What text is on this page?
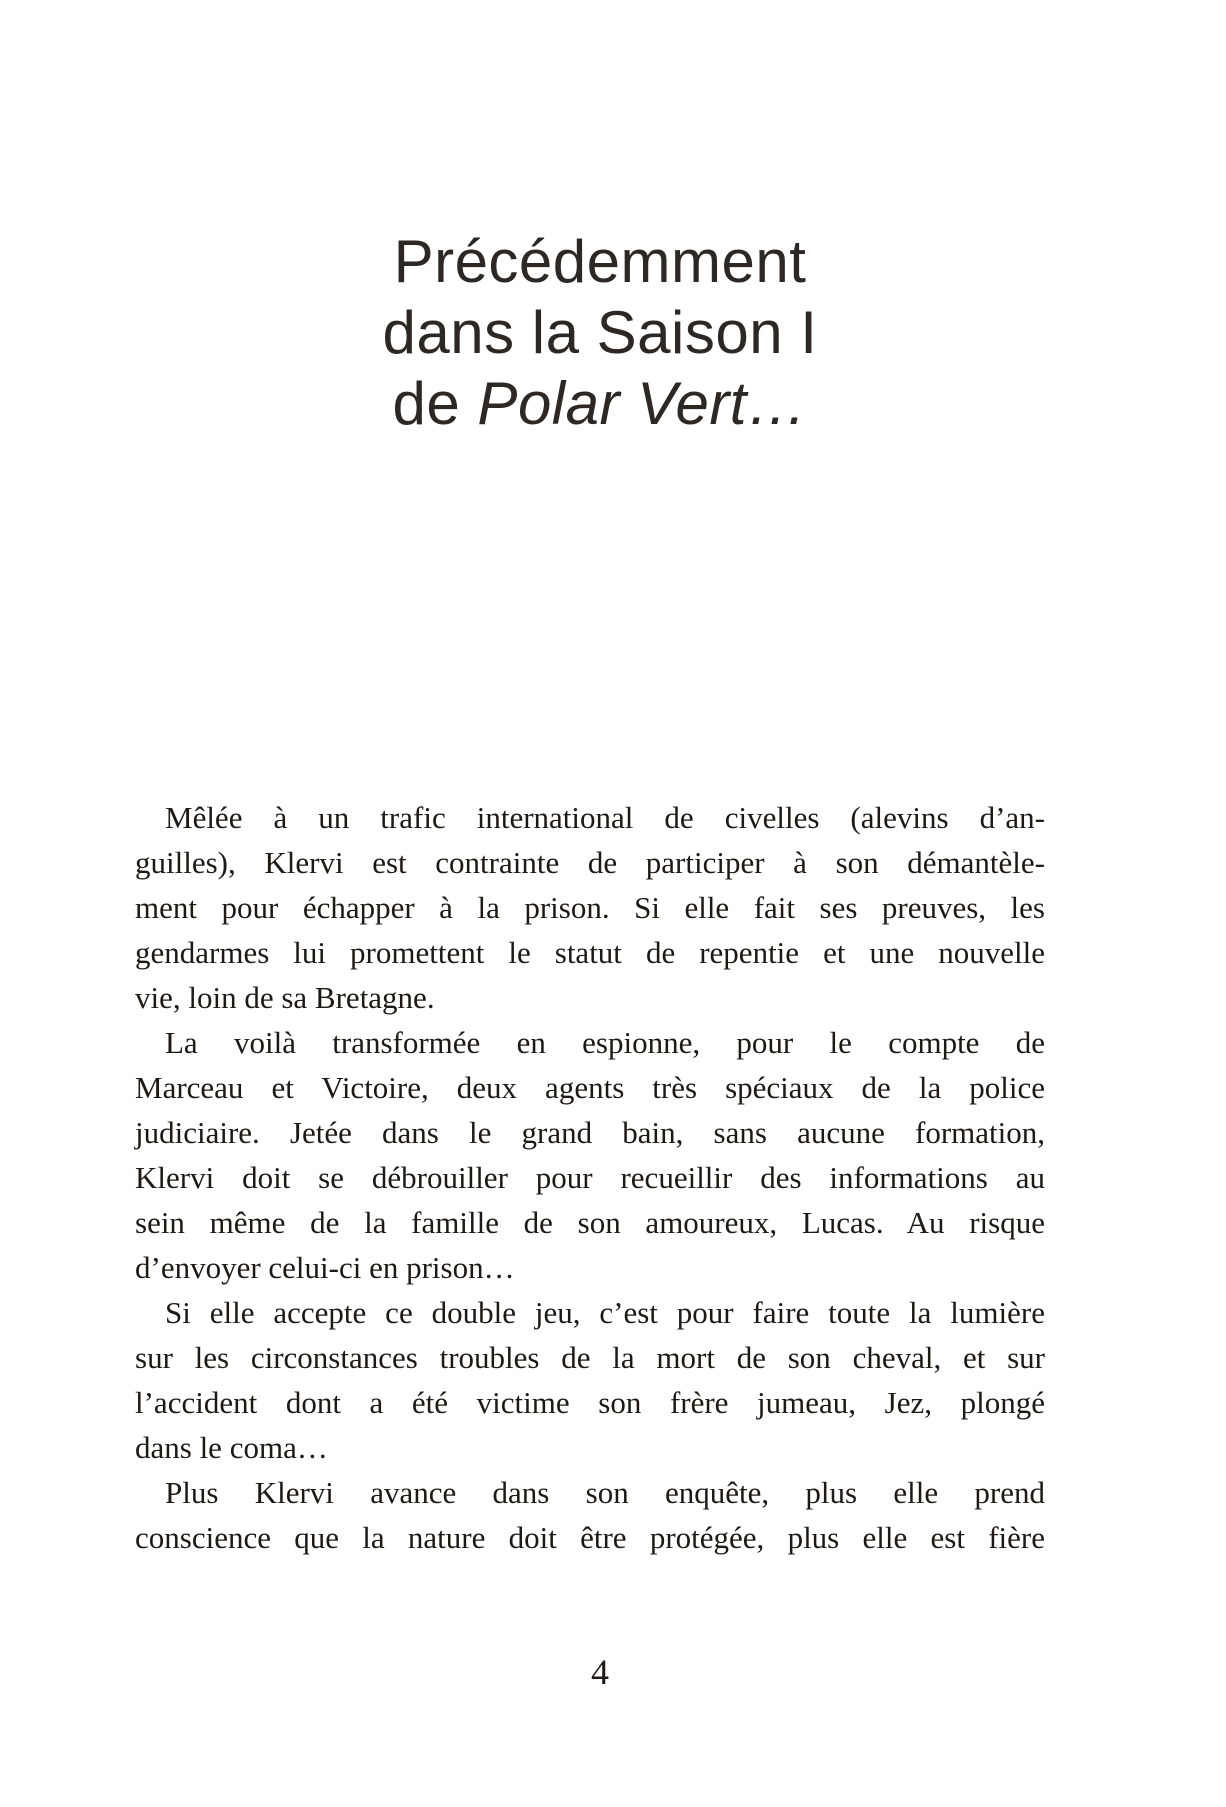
Précédemment
dans la Saison I
de Polar Vert…
Mêlée à un trafic international de civelles (alevins d’an-
guilles), Klervi est contrainte de participer à son démantèle-
ment pour échapper à la prison. Si elle fait ses preuves, les
gendarmes lui promettent le statut de repentie et une nouvelle
vie, loin de sa Bretagne.
La voilà transformée en espionne, pour le compte de
Marceau et Victoire, deux agents très spéciaux de la police
judiciaire. Jetée dans le grand bain, sans aucune formation,
Klervi doit se débrouiller pour recueillir des informations au
sein même de la famille de son amoureux, Lucas. Au risque
d’envoyer celui-ci en prison…
Si elle accepte ce double jeu, c’est pour faire toute la lumière
sur les circonstances troubles de la mort de son cheval, et sur
l’accident dont a été victime son frère jumeau, Jez, plongé
dans le coma…
Plus Klervi avance dans son enquête, plus elle prend
conscience que la nature doit être protégée, plus elle est fière
4
